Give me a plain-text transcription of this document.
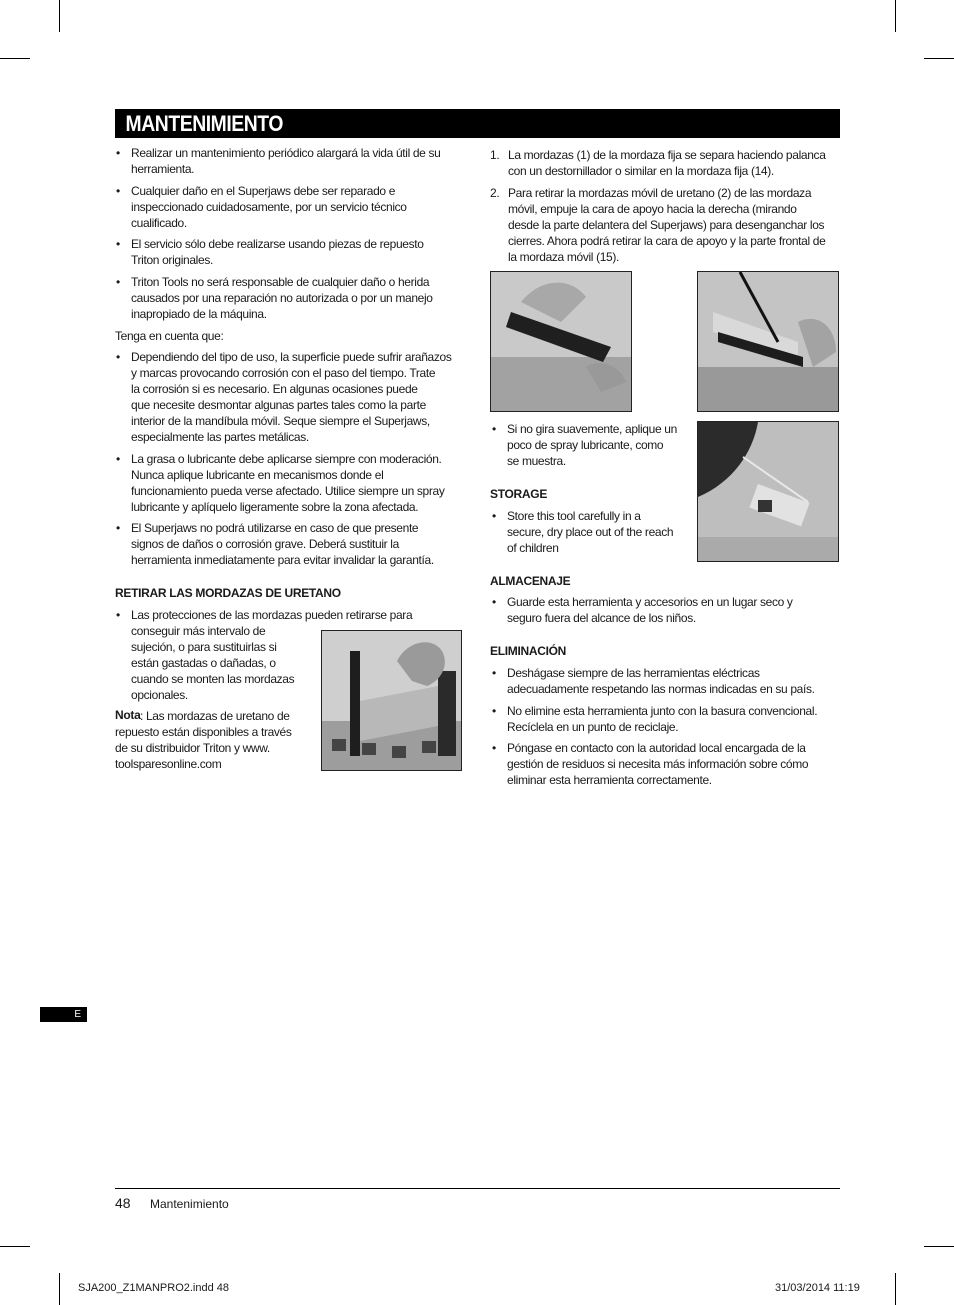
MANTENIMIENTO
• Realizar un mantenimiento periódico alargará la vida útil de su
herramienta.
• Cualquier daño en el Superjaws debe ser reparado e
inspeccionado cuidadosamente, por un servicio técnico
cualificado.
• El servicio sólo debe realizarse usando piezas de repuesto
Triton originales.
• Triton Tools no será responsable de cualquier daño o herida
causados por una reparación no autorizada o por un manejo
inapropiado de la máquina.
Tenga en cuenta que:
• Dependiendo del tipo de uso, la superficie puede sufrir arañazos
y marcas provocando corrosión con el paso del tiempo. Trate
la corrosión si es necesario. En algunas ocasiones puede
que necesite desmontar algunas partes tales como la parte
interior de la mandíbula móvil. Seque siempre el Superjaws,
especialmente las partes metálicas.
• La grasa o lubricante debe aplicarse siempre con moderación.
Nunca aplique lubricante en mecanismos donde el
funcionamiento pueda verse afectado. Utilice siempre un spray
lubricante y aplíquelo ligeramente sobre la zona afectada.
• El Superjaws no podrá utilizarse en caso de que presente
signos de daños o corrosión grave. Deberá sustituir la
herramienta inmediatamente para evitar invalidar la garantía.
RETIRAR LAS MORDAZAS DE URETANO
• Las protecciones de las mordazas pueden retirarse para
conseguir más intervalo de
sujeción, o para sustituirlas si
están gastadas o dañadas, o
cuando se monten las mordazas
opcionales.
Nota : Las mordazas de uretano de
repuesto están disponibles a través
de su distribuidor Triton y www.
toolsparesonline.com
1. La mordazas (1) de la mordaza fija se separa haciendo palanca
con un destornillador o similar en la mordaza fija (14).
2. Para retirar la mordazas móvil de uretano (2) de las mordaza
móvil, empuje la cara de apoyo hacia la derecha (mirando
desde la parte delantera del Superjaws) para desenganchar los
cierres. Ahora podrá retirar la cara de apoyo y la parte frontal de
la mordaza móvil (15).
• Si no gira suavemente, aplique un
poco de spray lubricante, como
se muestra.
STORAGE
• Store this tool carefully in a
secure, dry place out of the reach
of children
ALMACENAJE
• Guarde esta herramienta y accesorios en un lugar seco y
seguro fuera del alcance de los niños.
ELIMINACIÓN
• Deshágase siempre de las herramientas eléctricas
adecuadamente respetando las normas indicadas en su país.
• No elimine esta herramienta junto con la basura convencional.
Recíclela en un punto de reciclaje.
• Póngase en contacto con la autoridad local encargada de la
gestión de residuos si necesita más información sobre cómo
eliminar esta herramienta correctamente.
E
48 Mantenimiento
SJA200_Z1MANPRO2.indd 48	31/03/2014 11:19
